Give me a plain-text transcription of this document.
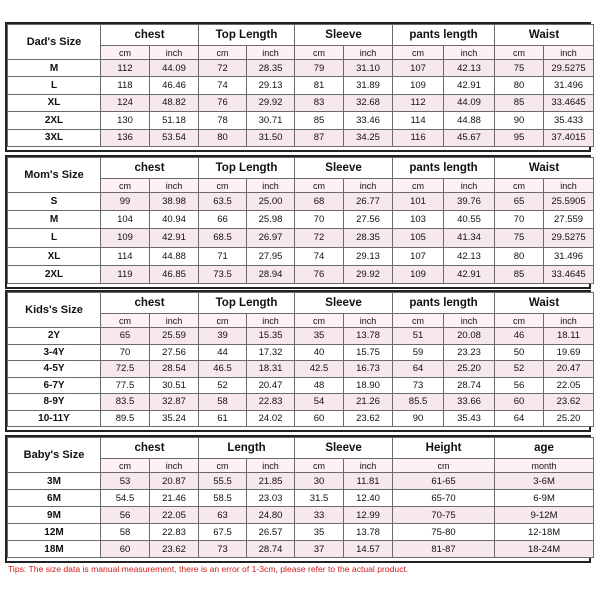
Dad's Size	chest		Top Length		Sleeve		pants length		Waist	
	cm	inch	cm	inch	cm	inch	cm	inch	cm	inch
M	112	44.09	72	28.35	79	31.10	107	42.13	75	29.5275
L	118	46.46	74	29.13	81	31.89	109	42.91	80	31.496
XL	124	48.82	76	29.92	83	32.68	112	44.09	85	33.4645
2XL	130	51.18	78	30.71	85	33.46	114	44.88	90	35.433
3XL	136	53.54	80	31.50	87	34.25	116	45.67	95	37.4015
Mom's Size	chest		Top Length		Sleeve		pants length		Waist	
	cm	inch	cm	inch	cm	inch	cm	inch	cm	inch
S	99	38.98	63.5	25.00	68	26.77	101	39.76	65	25.5905
M	104	40.94	66	25.98	70	27.56	103	40.55	70	27.559
L	109	42.91	68.5	26.97	72	28.35	105	41.34	75	29.5275
XL	114	44.88	71	27.95	74	29.13	107	42.13	80	31.496
2XL	119	46.85	73.5	28.94	76	29.92	109	42.91	85	33.4645
Kids's Size	chest		Top Length		Sleeve		pants length		Waist	
	cm	inch	cm	inch	cm	inch	cm	inch	cm	inch
2Y	65	25.59	39	15.35	35	13.78	51	20.08	46	18.11
3-4Y	70	27.56	44	17.32	40	15.75	59	23.23	50	19.69
4-5Y	72.5	28.54	46.5	18.31	42.5	16.73	64	25.20	52	20.47
6-7Y	77.5	30.51	52	20.47	48	18.90	73	28.74	56	22.05
8-9Y	83.5	32.87	58	22.83	54	21.26	85.5	33.66	60	23.62
10-11Y	89.5	35.24	61	24.02	60	23.62	90	35.43	64	25.20
Baby's Size	chest		Length		Sleeve		Height	age
	cm	inch	cm	inch	cm	inch	cm	month
3M	53	20.87	55.5	21.85	30	11.81	61-65	3-6M
6M	54.5	21.46	58.5	23.03	31.5	12.40	65-70	6-9M
9M	56	22.05	63	24.80	33	12.99	70-75	9-12M
12M	58	22.83	67.5	26.57	35	13.78	75-80	12-18M
18M	60	23.62	73	28.74	37	14.57	81-87	18-24M
Tips: The size data is manual measurement, there is an error of 1-3cm, please refer to the actual product.
